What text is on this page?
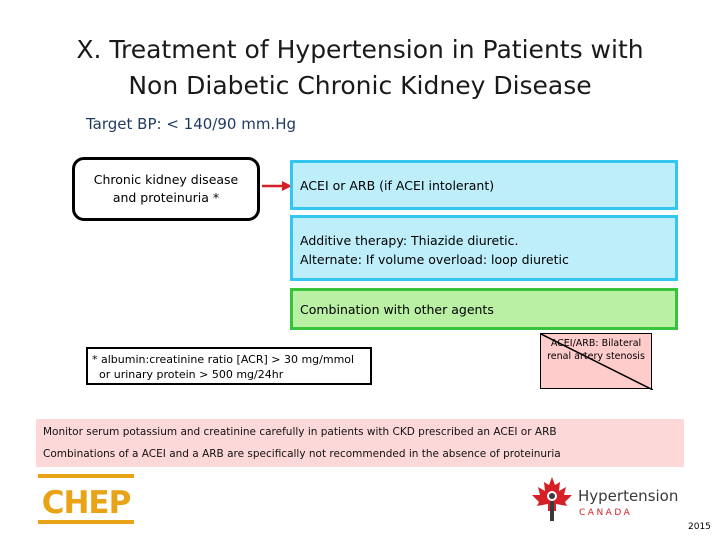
X. Treatment of Hypertension in Patients with
Non Diabetic Chronic Kidney Disease
Target BP: < 140/90 mm.Hg
Chronic kidney disease
and proteinuria *
ACEI or ARB (if ACEI intolerant)
Additive therapy: Thiazide diuretic.
Alternate: If volume overload: loop diuretic
Combination with other agents
* albumin:creatinine ratio [ACR] > 30 mg/mmol
or urinary protein > 500 mg/24hr
ACEI/ARB: Bilateral renal artery stenosis
Monitor serum potassium and creatinine carefully in patients with CKD prescribed an ACEI or ARB
Combinations of a ACEI and a ARB are specifically not recommended in the absence of proteinuria
CHEP	Hypertension
CANADA
2015
